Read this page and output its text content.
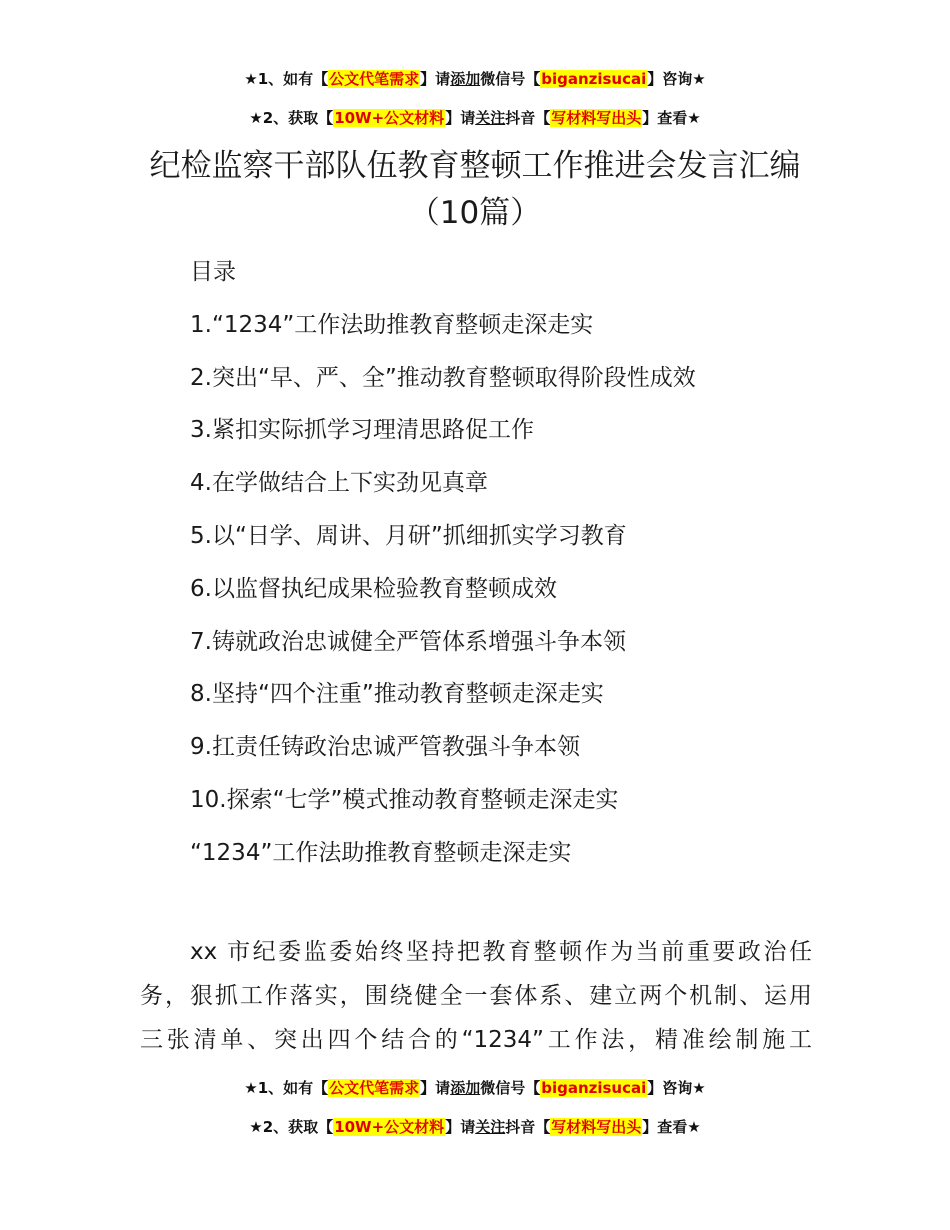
★1、如有【公文代笔需求】请添加微信号【biganzisucai】咨询★
★2、获取【10W+公文材料】请关注抖音【写材料写出头】查看★
纪检监察干部队伍教育整顿工作推进会发言汇编（10篇）
目录
1.“1234”工作法助推教育整顿走深走实
2.突出“早、严、全”推动教育整顿取得阶段性成效
3.紧扣实际抓学习理清思路促工作
4.在学做结合上下实劲见真章
5.以“日学、周讲、月研”抓细抓实学习教育
6.以监督执纪成果检验教育整顿成效
7.铸就政治忠诚健全严管体系增强斗争本领
8.坚持“四个注重”推动教育整顿走深走实
9.扛责任铸政治忠诚严管教强斗争本领
10.探索“七学”模式推动教育整顿走深走实
“1234”工作法助推教育整顿走深走实
xx 市纪委监委始终坚持把教育整顿作为当前重要政治任
务，狠抓工作落实，围绕健全一套体系、建立两个机制、运用
三张清单、突出四个结合的“1234”工作法，精准绘制施工
★1、如有【公文代笔需求】请添加微信号【biganzisucai】咨询★
★2、获取【10W+公文材料】请关注抖音【写材料写出头】查看★
